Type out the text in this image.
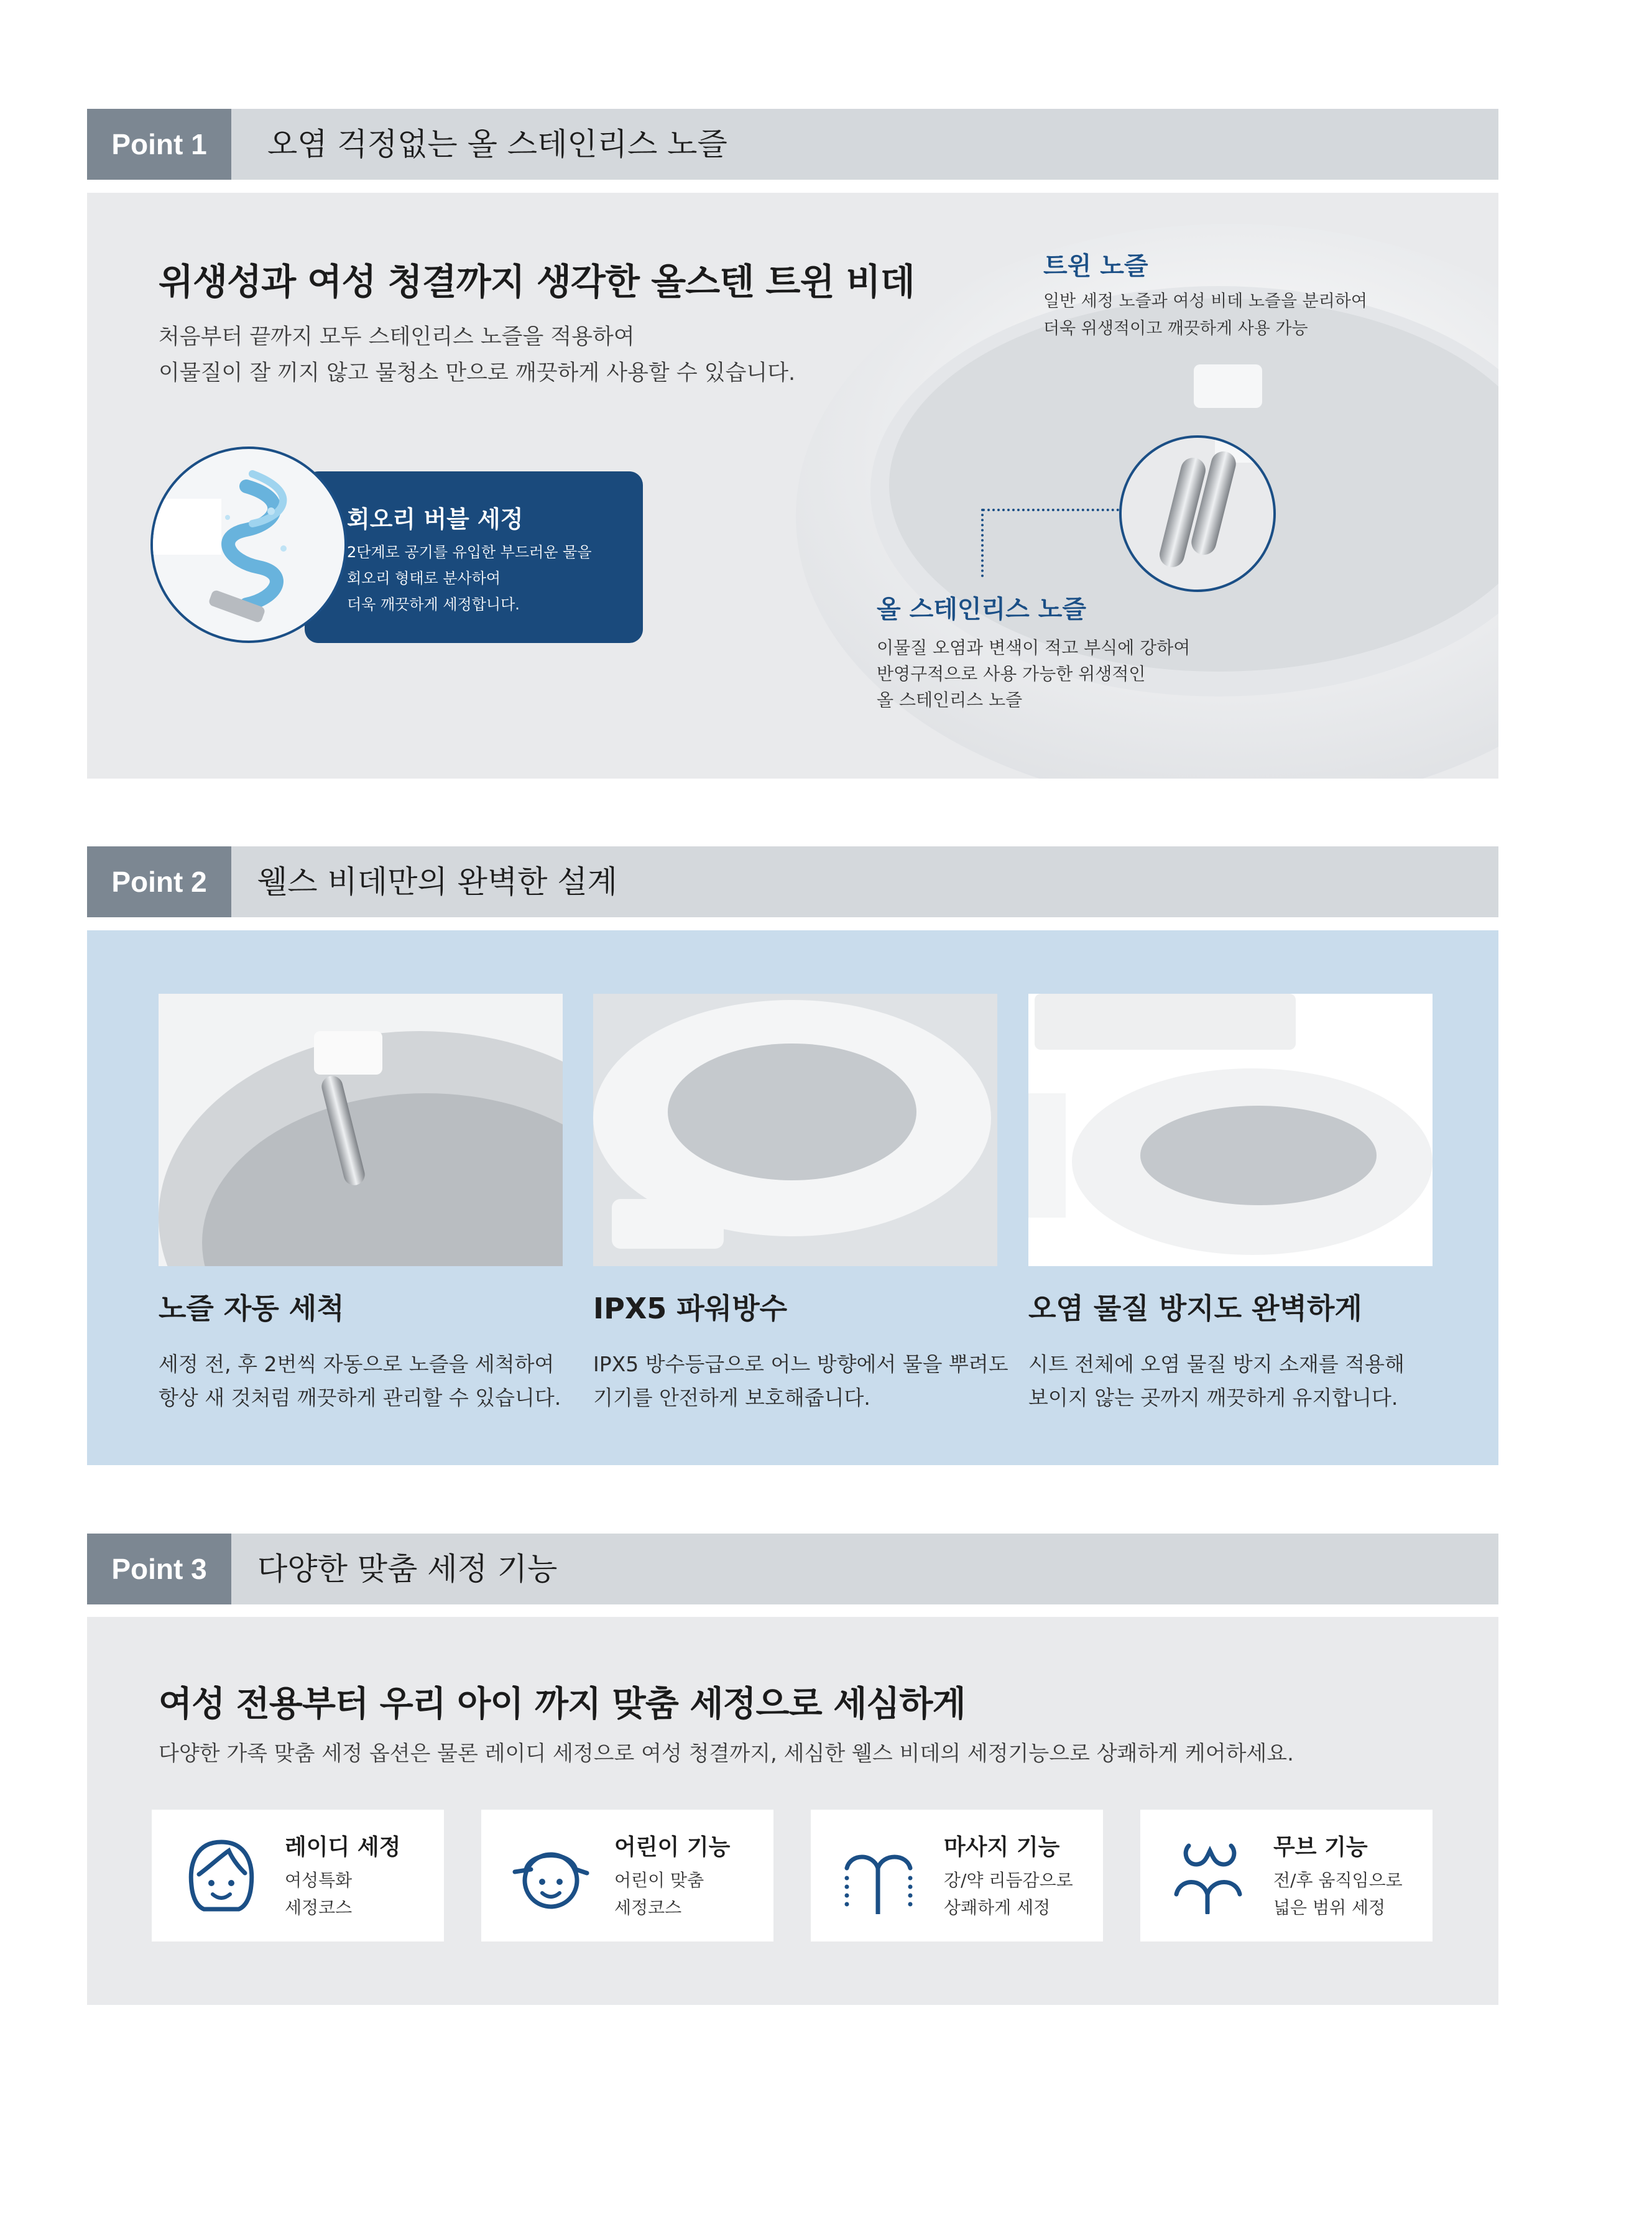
Point 1	오염 걱정없는 올 스테인리스 노즐
위생성과 여성 청결까지 생각한 올스텐 트윈 비데
처음부터 끝까지 모두 스테인리스 노즐을 적용하여
이물질이 잘 끼지 않고 물청소 만으로 깨끗하게 사용할 수 있습니다.
트윈 노즐
일반 세정 노즐과 여성 비데 노즐을 분리하여
더욱 위생적이고 깨끗하게 사용 가능
회오리 버블 세정
2단계로 공기를 유입한 부드러운 물을
회오리 형태로 분사하여
더욱 깨끗하게 세정합니다.	올 스테인리스 노즐
이물질 오염과 변색이 적고 부식에 강하여
반영구적으로 사용 가능한 위생적인
올 스테인리스 노즐
Point 2	웰스 비데만의 완벽한 설계
노즐 자동 세척
세정 전, 후 2번씩 자동으로 노즐을 세척하여
항상 새 것처럼 깨끗하게 관리할 수 있습니다.
IPX5 파워방수
IPX5 방수등급으로 어느 방향에서 물을 뿌려도
기기를 안전하게 보호해줍니다.
오염 물질 방지도 완벽하게
시트 전체에 오염 물질 방지 소재를 적용해
보이지 않는 곳까지 깨끗하게 유지합니다.
Point 3	다양한 맞춤 세정 기능
여성 전용부터 우리 아이 까지 맞춤 세정으로 세심하게
다양한 가족 맞춤 세정 옵션은 물론 레이디 세정으로 여성 청결까지, 세심한 웰스 비데의 세정기능으로 상쾌하게 케어하세요.
레이디 세정
여성특화
세정코스
어린이 기능
어린이 맞춤
세정코스
마사지 기능
강/약 리듬감으로
상쾌하게 세정
무브 기능
전/후 움직임으로
넓은 범위 세정
